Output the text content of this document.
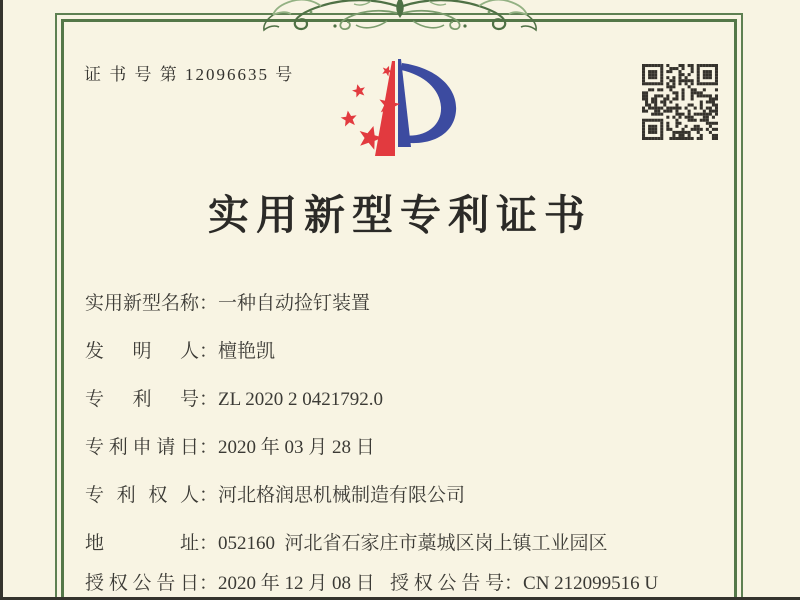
证 书 号 第 12096635 号
实用新型专利证书
实用新型名称：一种自动捡钉装置
发明人：檀艳凯
专利号：ZL 2020 2 0421792.0
专利申请日：2020 年 03 月 28 日
专利权人：河北格润思机械制造有限公司
地址：052160  河北省石家庄市藁城区岗上镇工业园区
授权公告日：2020 年 12 月 08 日 授权公告号：CN 212099516 U
